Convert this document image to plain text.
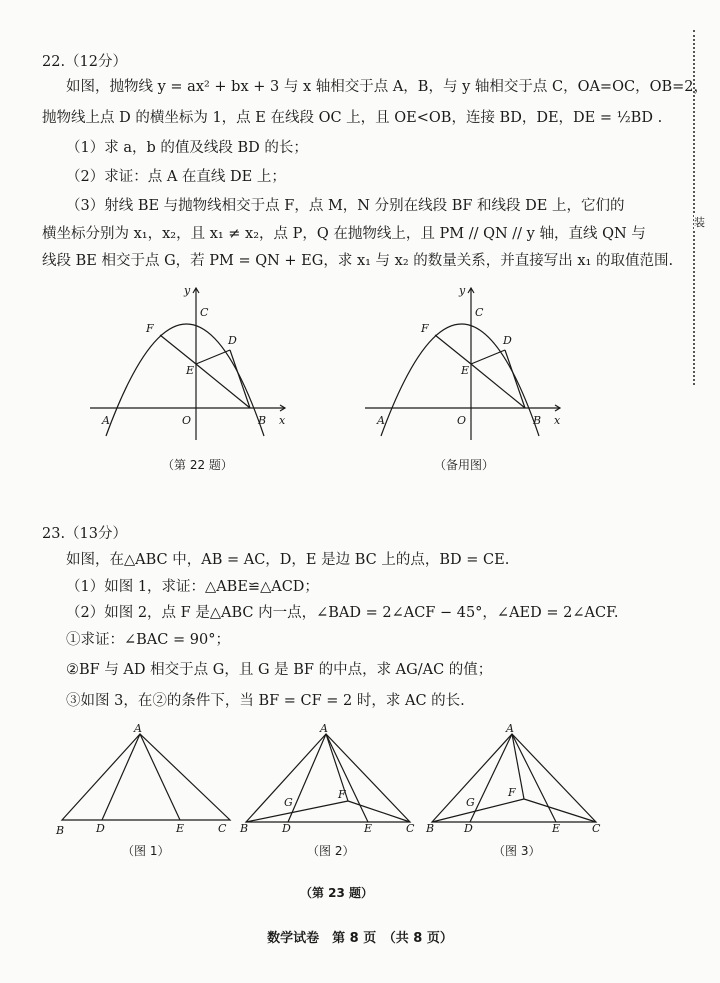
装
22.（12分）
如图，抛物线 y = ax² + bx + 3 与 x 轴相交于点 A，B，与 y 轴相交于点 C，OA=OC，OB=2，
抛物线上点 D 的横坐标为 1，点 E 在线段 OC 上，且 OE<OB，连接 BD，DE，DE = ½BD .
（1）求 a，b 的值及线段 BD 的长；
（2）求证：点 A 在直线 DE 上；
（3）射线 BE 与抛物线相交于点 F，点 M，N 分别在线段 BF 和线段 DE 上，它们的
横坐标分别为 x₁，x₂，且 x₁ ≠ x₂，点 P，Q 在抛物线上，且 PM // QN // y 轴，直线 QN 与
线段 BE 相交于点 G，若 PM = QN + EG，求 x₁ 与 x₂ 的数量关系，并直接写出 x₁ 的取值范围.
y
x
A	B
O
C
D
E
F
y
x
A	B
O
C
D
E
F
（第 22 题）	（备用图）
23.（13分）
如图，在△ABC 中，AB = AC，D，E 是边 BC 上的点，BD = CE.
（1）如图 1，求证：△ABE≌△ACD；
（2）如图 2，点 F 是△ABC 内一点，∠BAD = 2∠ACF − 45°，∠AED = 2∠ACF.
①求证：∠BAC = 90°；
②BF 与 AD 相交于点 G，且 G 是 BF 的中点，求 AG/AC 的值；
③如图 3，在②的条件下，当 BF = CF = 2 时，求 AC 的长.
A
B	C
D	E
A
B	C
D	E
F
G
A
B	C
D	E
F
G
（图 1）	（图 2）	（图 3）
（第 23 题）
数学试卷　第 8 页　（共 8 页）
